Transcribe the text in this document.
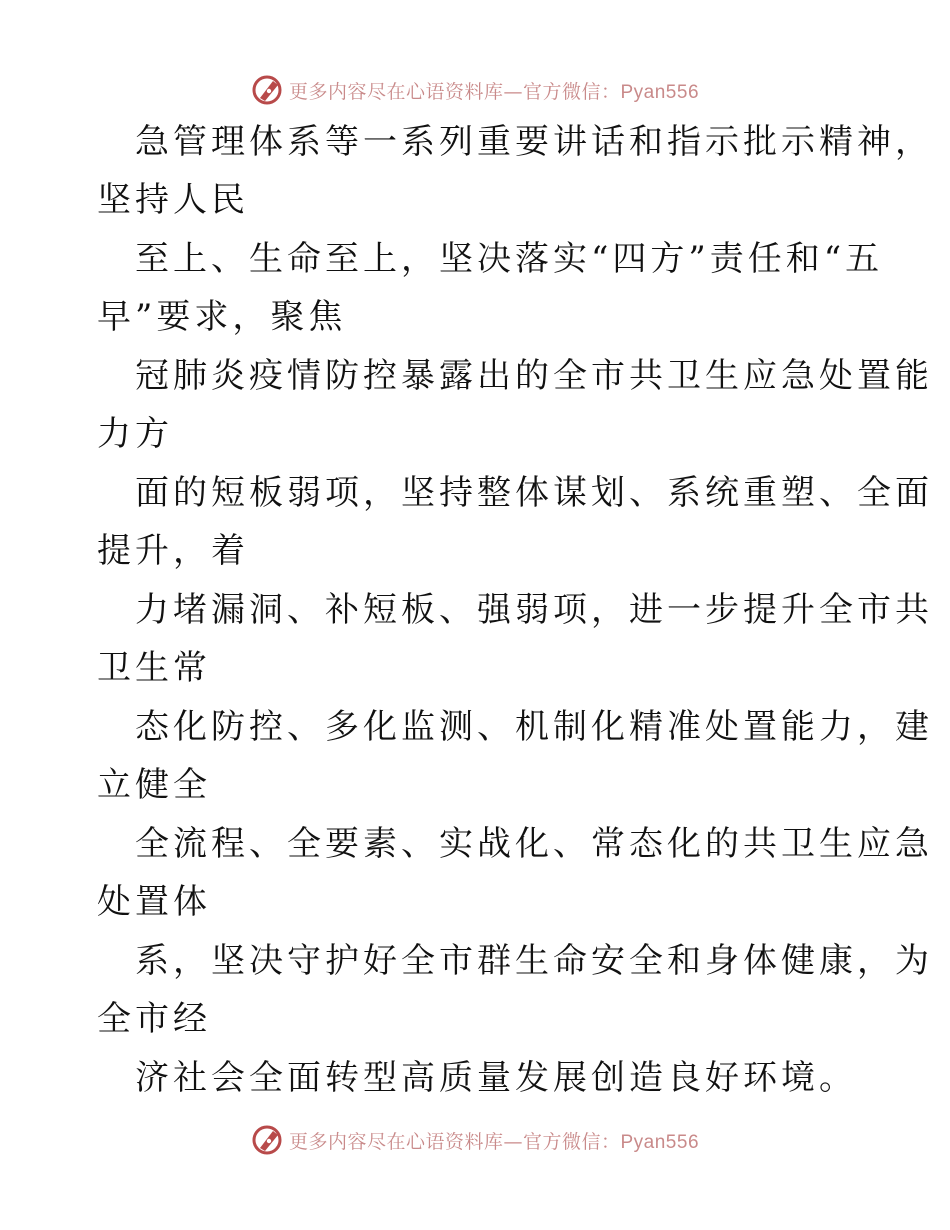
更多内容尽在心语资料库—官方微信：Pyan556
急管理体系等一系列重要讲话和指示批示精神，
坚持人民
至上、生命至上，坚决落实“四方”责任和“五
早”要求，聚焦
冠肺炎疫情防控暴露出的全市共卫生应急处置能
力方
面的短板弱项，坚持整体谋划、系统重塑、全面
提升，着
力堵漏洞、补短板、强弱项，进一步提升全市共
卫生常
态化防控、多化监测、机制化精准处置能力，建
立健全
全流程、全要素、实战化、常态化的共卫生应急
处置体
系，坚决守护好全市群生命安全和身体健康，为
全市经
济社会全面转型高质量发展创造良好环境。
更多内容尽在心语资料库—官方微信：Pyan556
